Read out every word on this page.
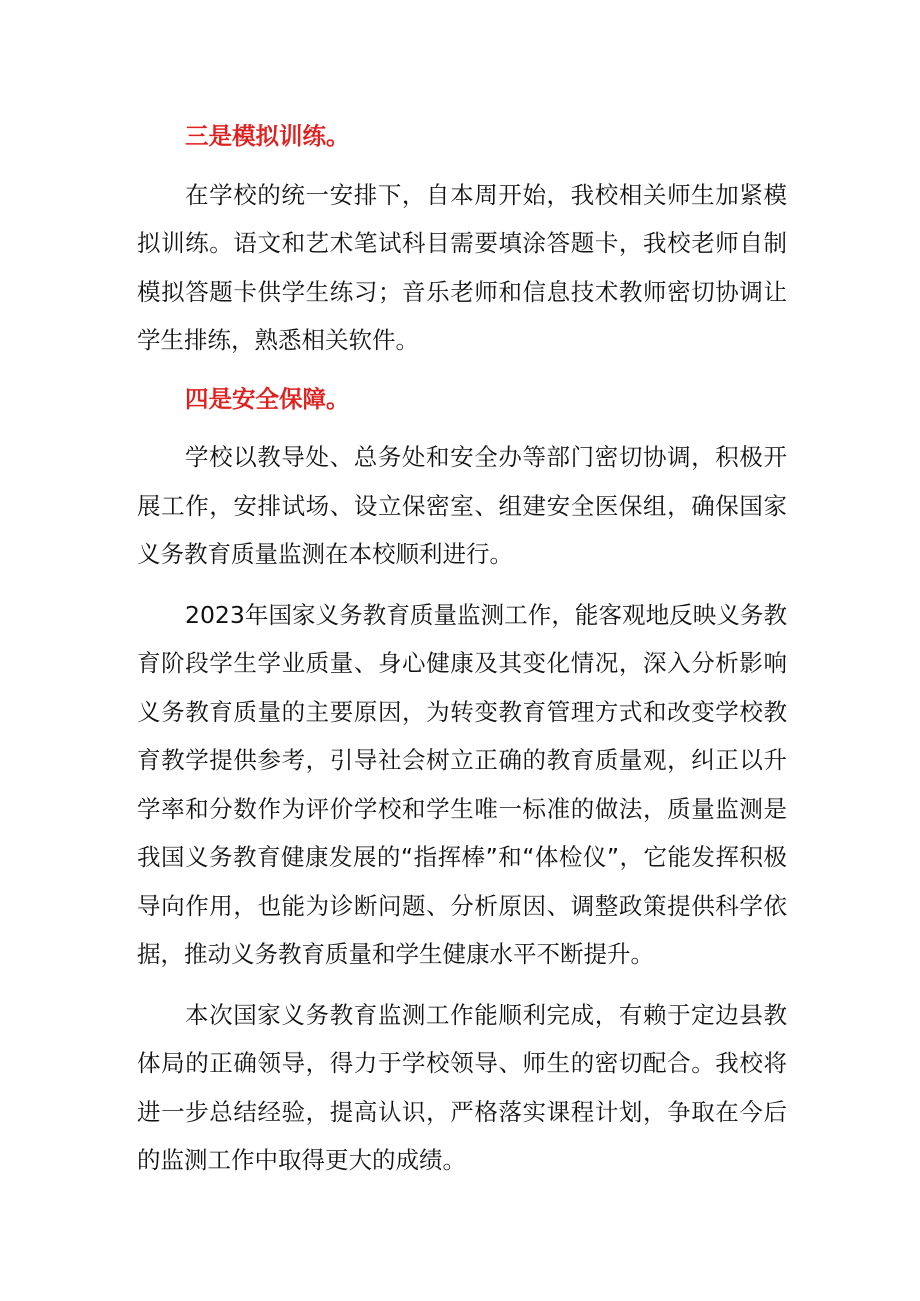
三是模拟训练。

在学校的统一安排下，自本周开始，我校相关师生加紧模拟训练。语文和艺术笔试科目需要填涂答题卡，我校老师自制模拟答题卡供学生练习；音乐老师和信息技术教师密切协调让学生排练，熟悉相关软件。

四是安全保障。

学校以教导处、总务处和安全办等部门密切协调，积极开展工作，安排试场、设立保密室、组建安全医保组，确保国家义务教育质量监测在本校顺利进行。

2023年国家义务教育质量监测工作，能客观地反映义务教育阶段学生学业质量、身心健康及其变化情况，深入分析影响义务教育质量的主要原因，为转变教育管理方式和改变学校教育教学提供参考，引导社会树立正确的教育质量观，纠正以升学率和分数作为评价学校和学生唯一标准的做法，质量监测是我国义务教育健康发展的“指挥棒”和“体检仪”，它能发挥积极导向作用，也能为诊断问题、分析原因、调整政策提供科学依据，推动义务教育质量和学生健康水平不断提升。

本次国家义务教育监测工作能顺利完成，有赖于定边县教体局的正确领导，得力于学校领导、师生的密切配合。我校将进一步总结经验，提高认识，严格落实课程计划，争取在今后的监测工作中取得更大的成绩。
